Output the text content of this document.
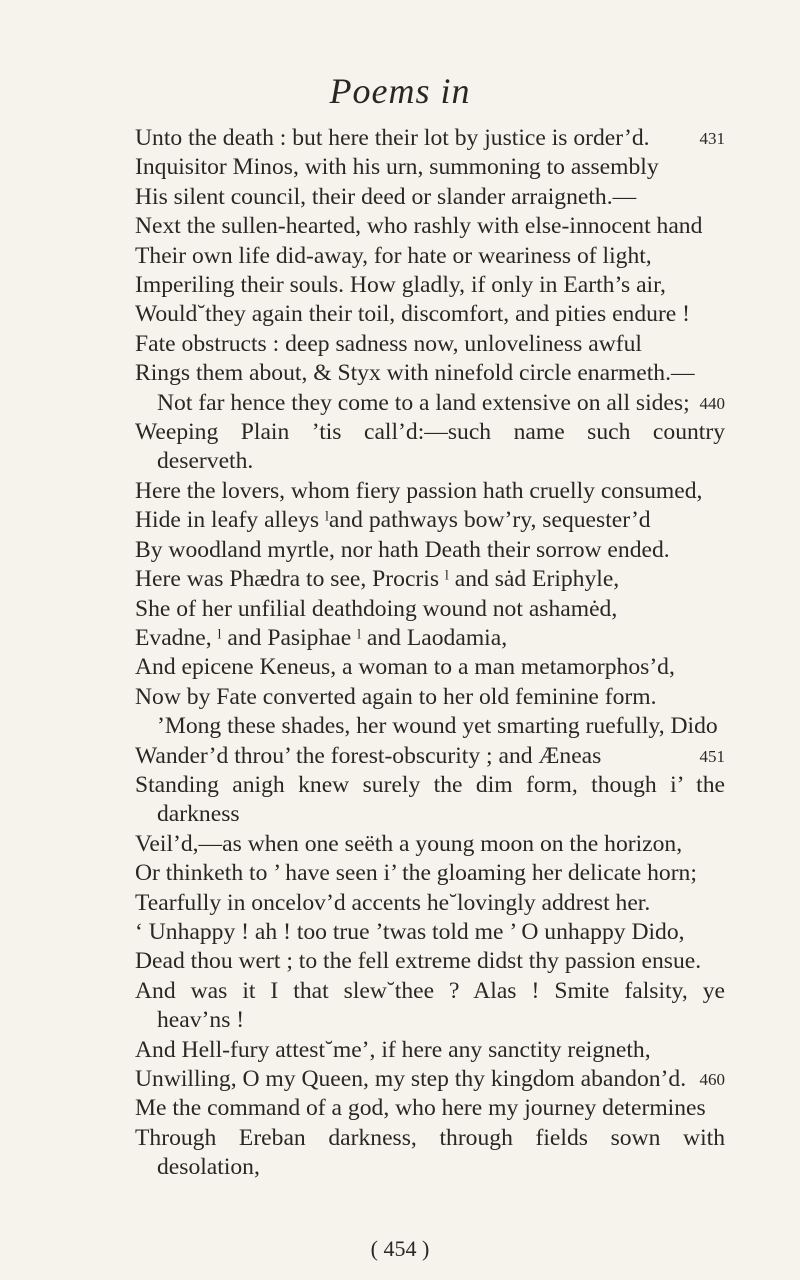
Poems in
Unto the death : but here their lot by justice is order’d.	431
Inquisitor Minos, with his urn, summoning to assembly
His silent council, their deed or slander arraigneth.—
Next the sullen-hearted, who rashly with else-innocent hand
Their own life did-away, for hate or weariness of light,
Imperiling their souls. How gladly, if only in Earth’s air,
Would˘they again their toil, discomfort, and pities endure !
Fate obstructs : deep sadness now, unloveliness awful
Rings them about, & Styx with ninefold circle enarmeth.—
Not far hence they come to a land extensive on all sides; 440
Weeping Plain ’tis call’d:—such name such country
deserveth.
Here the lovers, whom fiery passion hath cruelly consumed,
Hide in leafy alleys ˡand pathways bow’ry, sequester’d
By woodland myrtle, nor hath Death their sorrow ended.
Here was Phædra to see, Procris ˡ and sȧd Eriphyle,
She of her unfilial deathdoing wound not ashamėd,
Evadne, ˡ and Pasiphae ˡ and Laodamia,
And epicene Keneus, a woman to a man metamorphos’d,
Now by Fate converted again to her old feminine form.
’Mong these shades, her wound yet smarting ruefully, Dido
Wander’d throu’ the forest-obscurity ; and Æneas	451
Standing anigh knew surely the dim form, though i’ the
darkness
Veil’d,—as when one seëth a young moon on the horizon,
Or thinketh to ’ have seen i’ the gloaming her delicate horn;
Tearfully in oncelov’d accents he˘lovingly addrest her.
‘ Unhappy ! ah ! too true ’twas told me ’ O unhappy Dido,
Dead thou wert ; to the fell extreme didst thy passion ensue.
And was it I that slew˘thee ? Alas ! Smite falsity, ye
heav’ns !
And Hell-fury attest˘me’, if here any sanctity reigneth,
Unwilling, O my Queen, my step thy kingdom abandon’d. 460
Me the command of a god, who here my journey determines
Through Ereban darkness, through fields sown with
desolation,
( 454 )
